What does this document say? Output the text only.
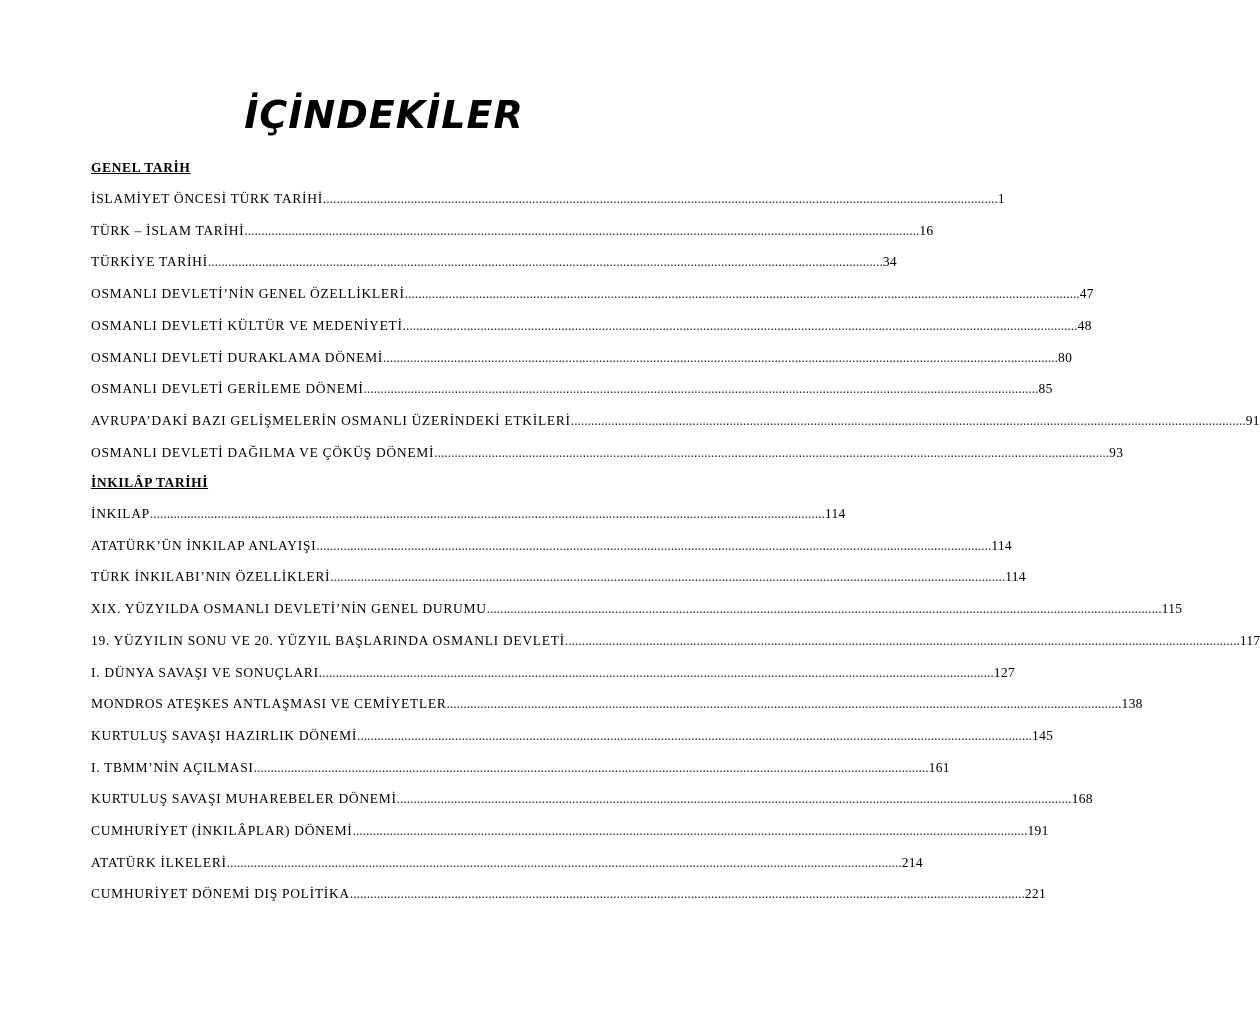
İÇİNDEKİLER
GENEL TARİH
İSLAMİYET ÖNCESİ TÜRK TARİHİ ........................................................................................................................................................................................................ 1
TÜRK – İSLAM TARİHİ ........................................................................................................................................................................................................ 16
TÜRKİYE TARİHİ ........................................................................................................................................................................................................ 34
OSMANLI DEVLETİ’NİN GENEL ÖZELLİKLERİ ........................................................................................................................................................................................................ 47
OSMANLI DEVLETİ KÜLTÜR VE MEDENİYETİ ........................................................................................................................................................................................................ 48
OSMANLI DEVLETİ DURAKLAMA DÖNEMİ ........................................................................................................................................................................................................ 80
OSMANLI DEVLETİ GERİLEME DÖNEMİ ........................................................................................................................................................................................................ 85
AVRUPA’DAKİ BAZI GELİŞMELERİN OSMANLI ÜZERİNDEKİ ETKİLERİ ........................................................................................................................................................................................................ 91
OSMANLI DEVLETİ DAĞILMA VE ÇÖKÜŞ DÖNEMİ ........................................................................................................................................................................................................ 93
İNKILÂP TARİHİ
İNKILAP ........................................................................................................................................................................................................ 114
ATATÜRK’ÜN İNKILAP ANLAYIŞI ........................................................................................................................................................................................................ 114
TÜRK İNKILABI’NIN ÖZELLİKLERİ ........................................................................................................................................................................................................ 114
XIX. YÜZYILDA OSMANLI DEVLETİ’NİN GENEL DURUMU ........................................................................................................................................................................................................ 115
19. YÜZYILIN SONU VE 20. YÜZYIL BAŞLARINDA OSMANLI DEVLETİ ........................................................................................................................................................................................................ 117
I. DÜNYA SAVAŞI VE SONUÇLARI ........................................................................................................................................................................................................ 127
MONDROS ATEŞKES ANTLAŞMASI VE CEMİYETLER ........................................................................................................................................................................................................ 138
KURTULUŞ SAVAŞI HAZIRLIK DÖNEMİ ........................................................................................................................................................................................................ 145
I. TBMM’NİN AÇILMASI ........................................................................................................................................................................................................ 161
KURTULUŞ SAVAŞI MUHAREBELER DÖNEMİ ........................................................................................................................................................................................................ 168
CUMHURİYET (İNKILÂPLAR) DÖNEMİ ........................................................................................................................................................................................................ 191
ATATÜRK İLKELERİ ........................................................................................................................................................................................................ 214
CUMHURİYET DÖNEMİ DIŞ POLİTİKA ........................................................................................................................................................................................................ 221
